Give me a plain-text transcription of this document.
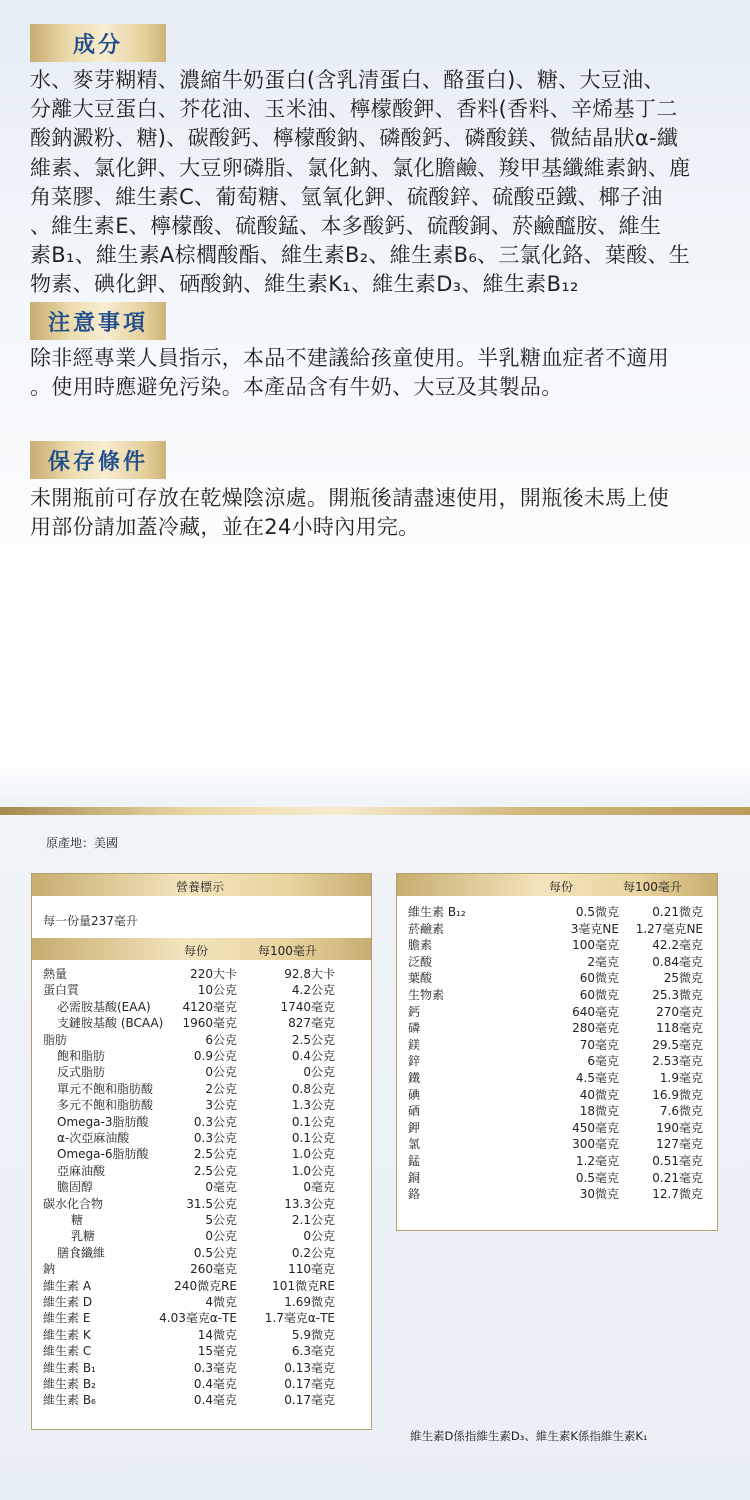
成分
水、麥芽糊精、濃縮牛奶蛋白(含乳清蛋白、酪蛋白)、糖、大豆油、
分離大豆蛋白、芥花油、玉米油、檸檬酸鉀、香料(香料、辛烯基丁二
酸鈉澱粉、糖)、碳酸鈣、檸檬酸鈉、磷酸鈣、磷酸鎂、微結晶狀α-纖
維素、氯化鉀、大豆卵磷脂、氯化鈉、氯化膽鹼、羧甲基纖維素鈉、鹿
角菜膠、維生素C、葡萄糖、氫氧化鉀、硫酸鋅、硫酸亞鐵、椰子油
、維生素E、檸檬酸、硫酸錳、本多酸鈣、硫酸銅、菸鹼醯胺、維生
素B₁、維生素A棕櫚酸酯、維生素B₂、維生素B₆、三氯化鉻、葉酸、生
物素、碘化鉀、硒酸鈉、維生素K₁、維生素D₃、維生素B₁₂
注意事項
除非經專業人員指示，本品不建議給孩童使用。半乳糖血症者不適用
。使用時應避免污染。本產品含有牛奶、大豆及其製品。
保存條件
未開瓶前可存放在乾燥陰涼處。開瓶後請盡速使用，開瓶後未馬上使
用部份請加蓋冷藏，並在24小時內用完。
原產地：美國
營養標示
每一份量237毫升
每份	每100毫升
熱量	220大卡	92.8大卡
蛋白質	10公克	4.2公克
必需胺基酸(EAA)	4120毫克	1740毫克
支鏈胺基酸 (BCAA) 1960毫克	827毫克
脂肪	6公克	2.5公克
飽和脂肪	0.9公克	0.4公克
反式脂肪	0公克	0公克
單元不飽和脂肪酸	2公克	0.8公克
多元不飽和脂肪酸	3公克	1.3公克
Omega-3脂肪酸	0.3公克	0.1公克
α-次亞麻油酸	0.3公克	0.1公克
Omega-6脂肪酸	2.5公克	1.0公克
亞麻油酸	2.5公克	1.0公克
膽固醇	0毫克	0毫克
碳水化合物	31.5公克	13.3公克
糖	5公克	2.1公克
乳糖	0公克	0公克
膳食纖維	0.5公克	0.2公克
鈉	260毫克	110毫克
維生素 A	240微克RE	101微克RE
維生素 D	4微克	1.69微克
維生素 E	4.03毫克α-TE 1.7毫克α-TE
維生素 K	14微克	5.9微克
維生素 C	15毫克	6.3毫克
維生素 B₁	0.3毫克	0.13毫克
維生素 B₂	0.4毫克	0.17毫克
維生素 B₆	0.4毫克	0.17毫克
每份	每100毫升
維生素 B₁₂	0.5微克	0.21微克
菸鹼素	3毫克NE 1.27毫克NE
膽素	100毫克	42.2毫克
泛酸	2毫克	0.84毫克
葉酸	60微克	25微克
生物素	60微克	25.3微克
鈣	640毫克	270毫克
磷	280毫克	118毫克
鎂	70毫克	29.5毫克
鋅	6毫克	2.53毫克
鐵	4.5毫克	1.9毫克
碘	40微克	16.9微克
硒	18微克	7.6微克
鉀	450毫克	190毫克
氯	300毫克	127毫克
錳	1.2毫克	0.51毫克
銅	0.5毫克	0.21毫克
鉻	30微克	12.7微克
維生素D係指維生素D₃、維生素K係指維生素K₁
